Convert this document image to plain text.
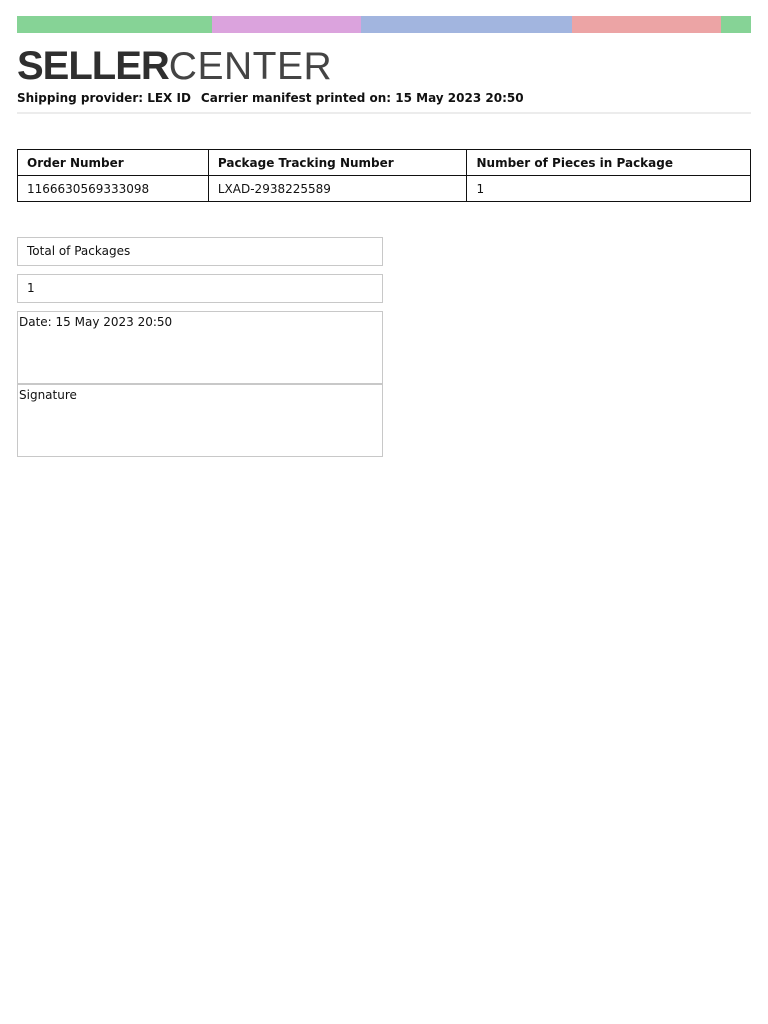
SELLERCENTER
Shipping provider: LEX ID Carrier manifest printed on: 15 May 2023 20:50
Order Number	Package Tracking Number	Number of Pieces in Package
1166630569333098	LXAD-2938225589	1
Total of Packages
1
Date: 15 May 2023 20:50
Signature
